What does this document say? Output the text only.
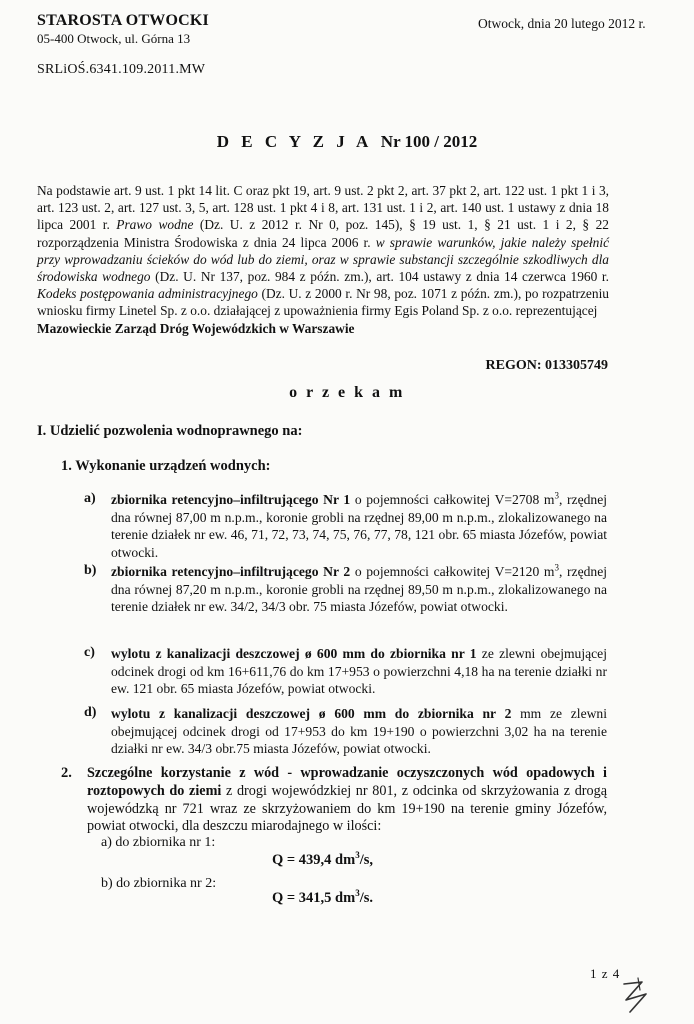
STAROSTA OTWOCKI
05-400 Otwock, ul. Górna 13
Otwock, dnia 20 lutego 2012 r.
SRLiOŚ.6341.109.2011.MW
D E C Y Z J A Nr 100 / 2012

Na podstawie art. 9 ust. 1 pkt 14 lit. C oraz pkt 19, art. 9 ust. 2 pkt 2, art. 37 pkt 2, art. 122 ust. 1 pkt 1 i 3, art. 123 ust. 2, art. 127 ust. 3, 5, art. 128 ust. 1 pkt 4 i 8, art. 131 ust. 1 i 2, art. 140 ust. 1 ustawy z dnia 18 lipca 2001 r. Prawo wodne (Dz. U. z 2012 r. Nr 0, poz. 145), § 19 ust. 1, § 21 ust. 1 i 2, § 22 rozporządzenia Ministra Środowiska z dnia 24 lipca 2006 r. w sprawie warunków, jakie należy spełnić przy wprowadzaniu ścieków do wód lub do ziemi, oraz w sprawie substancji szczególnie szkodliwych dla środowiska wodnego (Dz. U. Nr 137, poz. 984 z późn. zm.), art. 104 ustawy z dnia 14 czerwca 1960 r. Kodeks postępowania administracyjnego (Dz. U. z 2000 r. Nr 98, poz. 1071 z późn. zm.), po rozpatrzeniu wniosku firmy Linetel Sp. z o.o. działającej z upoważnienia firmy Egis Poland Sp. z o.o. reprezentującej
Mazowieckie Zarząd Dróg Wojewódzkich w Warszawie

REGON: 013305749
o r z e k a m
I. Udzielić pozwolenia wodnoprawnego na:
1. Wykonanie urządzeń wodnych:
a) zbiornika retencyjno–infiltrującego Nr 1 o pojemności całkowitej V=2708 $m^3$, rzędnej dna równej 87,00 m n.p.m., koronie grobli na rzędnej 89,00 m n.p.m., zlokalizowanego na terenie działek nr ew. 46, 71, 72, 73, 74, 75, 76, 77, 78, 121 obr. 65 miasta Józefów, powiat otwocki.

b) zbiornika retencyjno–infiltrującego Nr 2 o pojemności całkowitej V=2120 $m^3$, rzędnej dna równej 87,20 m n.p.m., koronie grobli na rzędnej 89,50 m n.p.m., zlokalizowanego na terenie działek nr ew. 34/2, 34/3 obr. 75 miasta Józefów, powiat otwocki.

c) wylotu z kanalizacji deszczowej ø 600 mm do zbiornika nr 1 ze zlewni obejmującej odcinek drogi od km 16+611,76 do km 17+953 o powierzchni 4,18 ha na terenie działki nr ew. 121 obr. 65 miasta Józefów, powiat otwocki.

d) wylotu z kanalizacji deszczowej ø 600 mm do zbiornika nr 2 mm ze zlewni obejmującej odcinek drogi od 17+953 do km 19+190 o powierzchni 3,02 ha na terenie działki nr ew. 34/3 obr.75 miasta Józefów, powiat otwocki.

2. Szczególne korzystanie z wód - wprowadzanie oczyszczonych wód opadowych i roztopowych do ziemi z drogi wojewódzkiej nr 801, z odcinka od skrzyżowania z drogą wojewódzką nr 721 wraz ze skrzyżowaniem do km 19+190 na terenie gminy Józefów, powiat otwocki, dla deszczu miarodajnego w ilości:

a) do zbiornika nr 1:
Q = 439,4 $dm^3/s$,
b) do zbiornika nr 2:
Q = 341,5 $dm^3/s$.
1 z 4
